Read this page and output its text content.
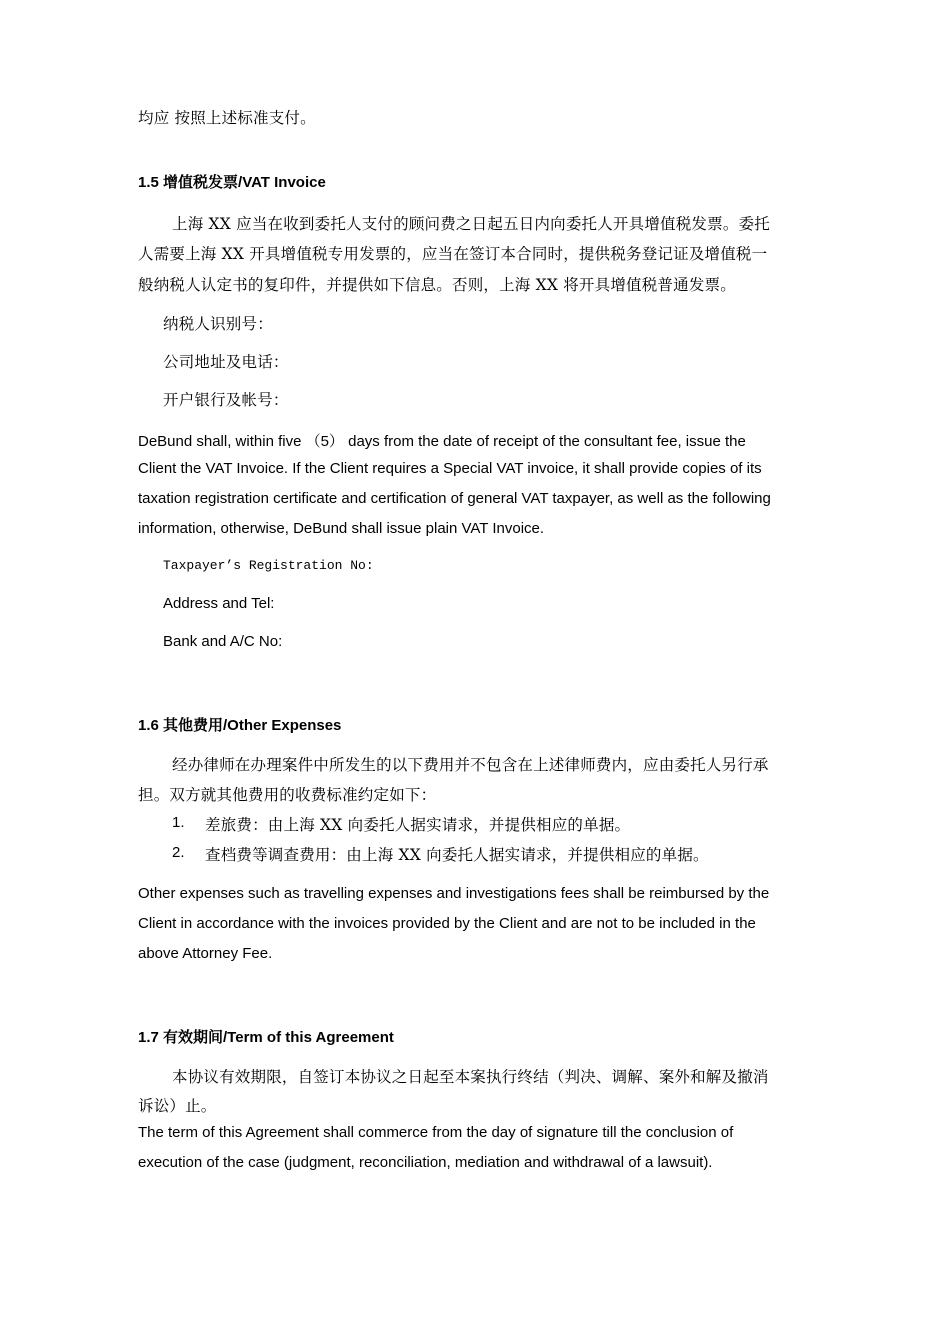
均应 按照上述标准支付。

1.5 增值税发票/VAT Invoice

上海 XX 应当在收到委托人支付的顾问费之日起五日内向委托人开具增值税发票。委托

人需要上海 XX 开具增值税专用发票的，应当在签订本合同时，提供税务登记证及增值税一

般纳税人认定书的复印件，并提供如下信息。否则，上海 XX 将开具增值税普通发票。

纳税人识别号：

公司地址及电话：

开户银行及帐号：

DeBund shall, within five （5） days from the date of receipt of the consultant fee, issue the

Client the VAT Invoice. If the Client requires a Special VAT invoice, it shall provide copies of its

taxation registration certificate and certification of general VAT taxpayer, as well as the following

information, otherwise, DeBund shall issue plain VAT Invoice.

Taxpayer’s Registration No:

Address and Tel:

Bank and A/C No:

1.6 其他费用/Other Expenses

经办律师在办理案件中所发生的以下费用并不包含在上述律师费内，应由委托人另行承

担。双方就其他费用的收费标准约定如下：

1. 差旅费：由上海 XX 向委托人据实请求，并提供相应的单据。

2. 查档费等调查费用：由上海 XX 向委托人据实请求，并提供相应的单据。

Other expenses such as travelling expenses and investigations fees shall be reimbursed by the

Client in accordance with the invoices provided by the Client and are not to be included in the

above Attorney Fee.

1.7 有效期间/Term of this Agreement

本协议有效期限，自签订本协议之日起至本案执行终结（判决、调解、案外和解及撤消

诉讼）止。

The term of this Agreement shall commerce from the day of signature till the conclusion of

execution of the case (judgment, reconciliation, mediation and withdrawal of a lawsuit).
